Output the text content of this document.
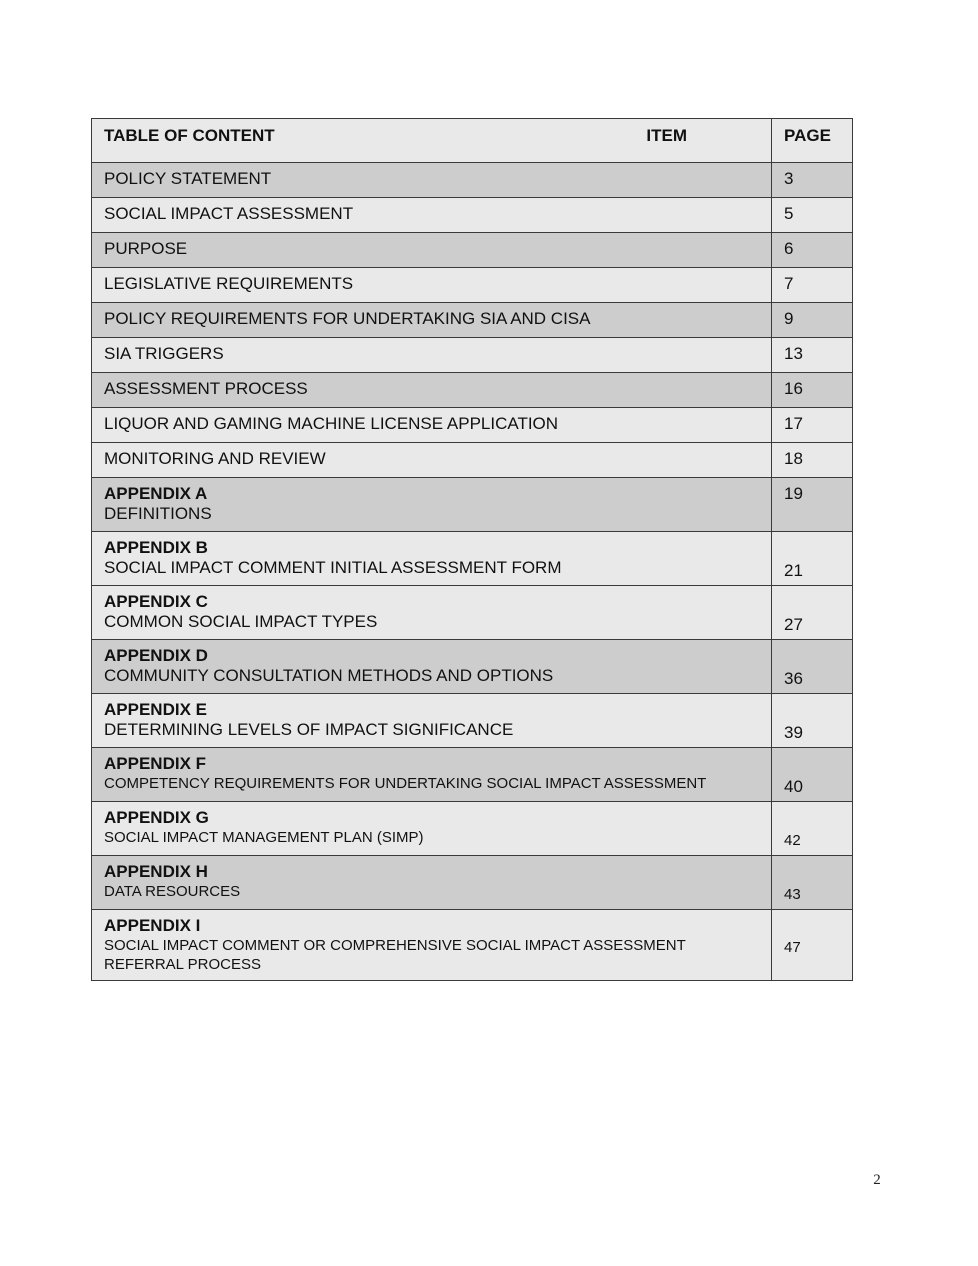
TABLE OF CONTENT ITEM	PAGE
POLICY STATEMENT	3
SOCIAL IMPACT ASSESSMENT	5
PURPOSE	6
LEGISLATIVE REQUIREMENTS	7
POLICY REQUIREMENTS FOR UNDERTAKING SIA AND CISA	9
SIA TRIGGERS	13
ASSESSMENT PROCESS	16
LIQUOR AND GAMING MACHINE LICENSE APPLICATION	17
MONITORING AND REVIEW	18

APPENDIX A
DEFINITIONS	19

APPENDIX B
SOCIAL IMPACT COMMENT INITIAL ASSESSMENT FORM	21

APPENDIX C
COMMON SOCIAL IMPACT TYPES	27

APPENDIX D
COMMUNITY CONSULTATION METHODS AND OPTIONS	36

APPENDIX E
DETERMINING LEVELS OF IMPACT SIGNIFICANCE	39

APPENDIX F
COMPETENCY REQUIREMENTS FOR UNDERTAKING SOCIAL IMPACT ASSESSMENT	40

APPENDIX G
SOCIAL IMPACT MANAGEMENT PLAN (SIMP)	42

APPENDIX H
DATA RESOURCES	43

APPENDIX I
SOCIAL IMPACT COMMENT OR COMPREHENSIVE SOCIAL IMPACT ASSESSMENT REFERRAL PROCESS	47
2
